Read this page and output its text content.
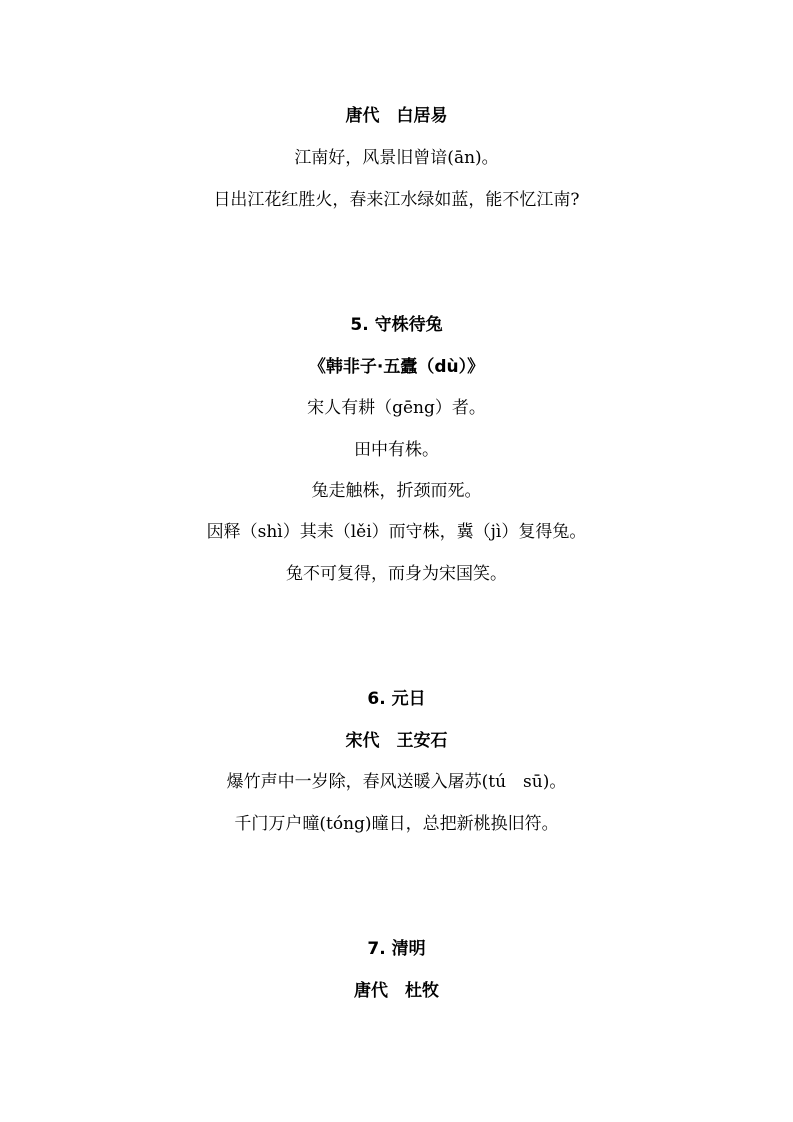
唐代　白居易
江南好，风景旧曾谙(ān)。
日出江花红胜火，春来江水绿如蓝，能不忆江南?
5. 守株待兔
《韩非子·五蠹（dù）》
宋人有耕（gēng）者。
田中有株。
兔走触株，折颈而死。
因释（shì）其耒（lěi）而守株，冀（jì）复得兔。
兔不可复得，而身为宋国笑。
6. 元日
宋代　王安石
爆竹声中一岁除，春风送暖入屠苏(tú　sū)。
千门万户曈(tóng)曈日，总把新桃换旧符。
7. 清明
唐代　杜牧
